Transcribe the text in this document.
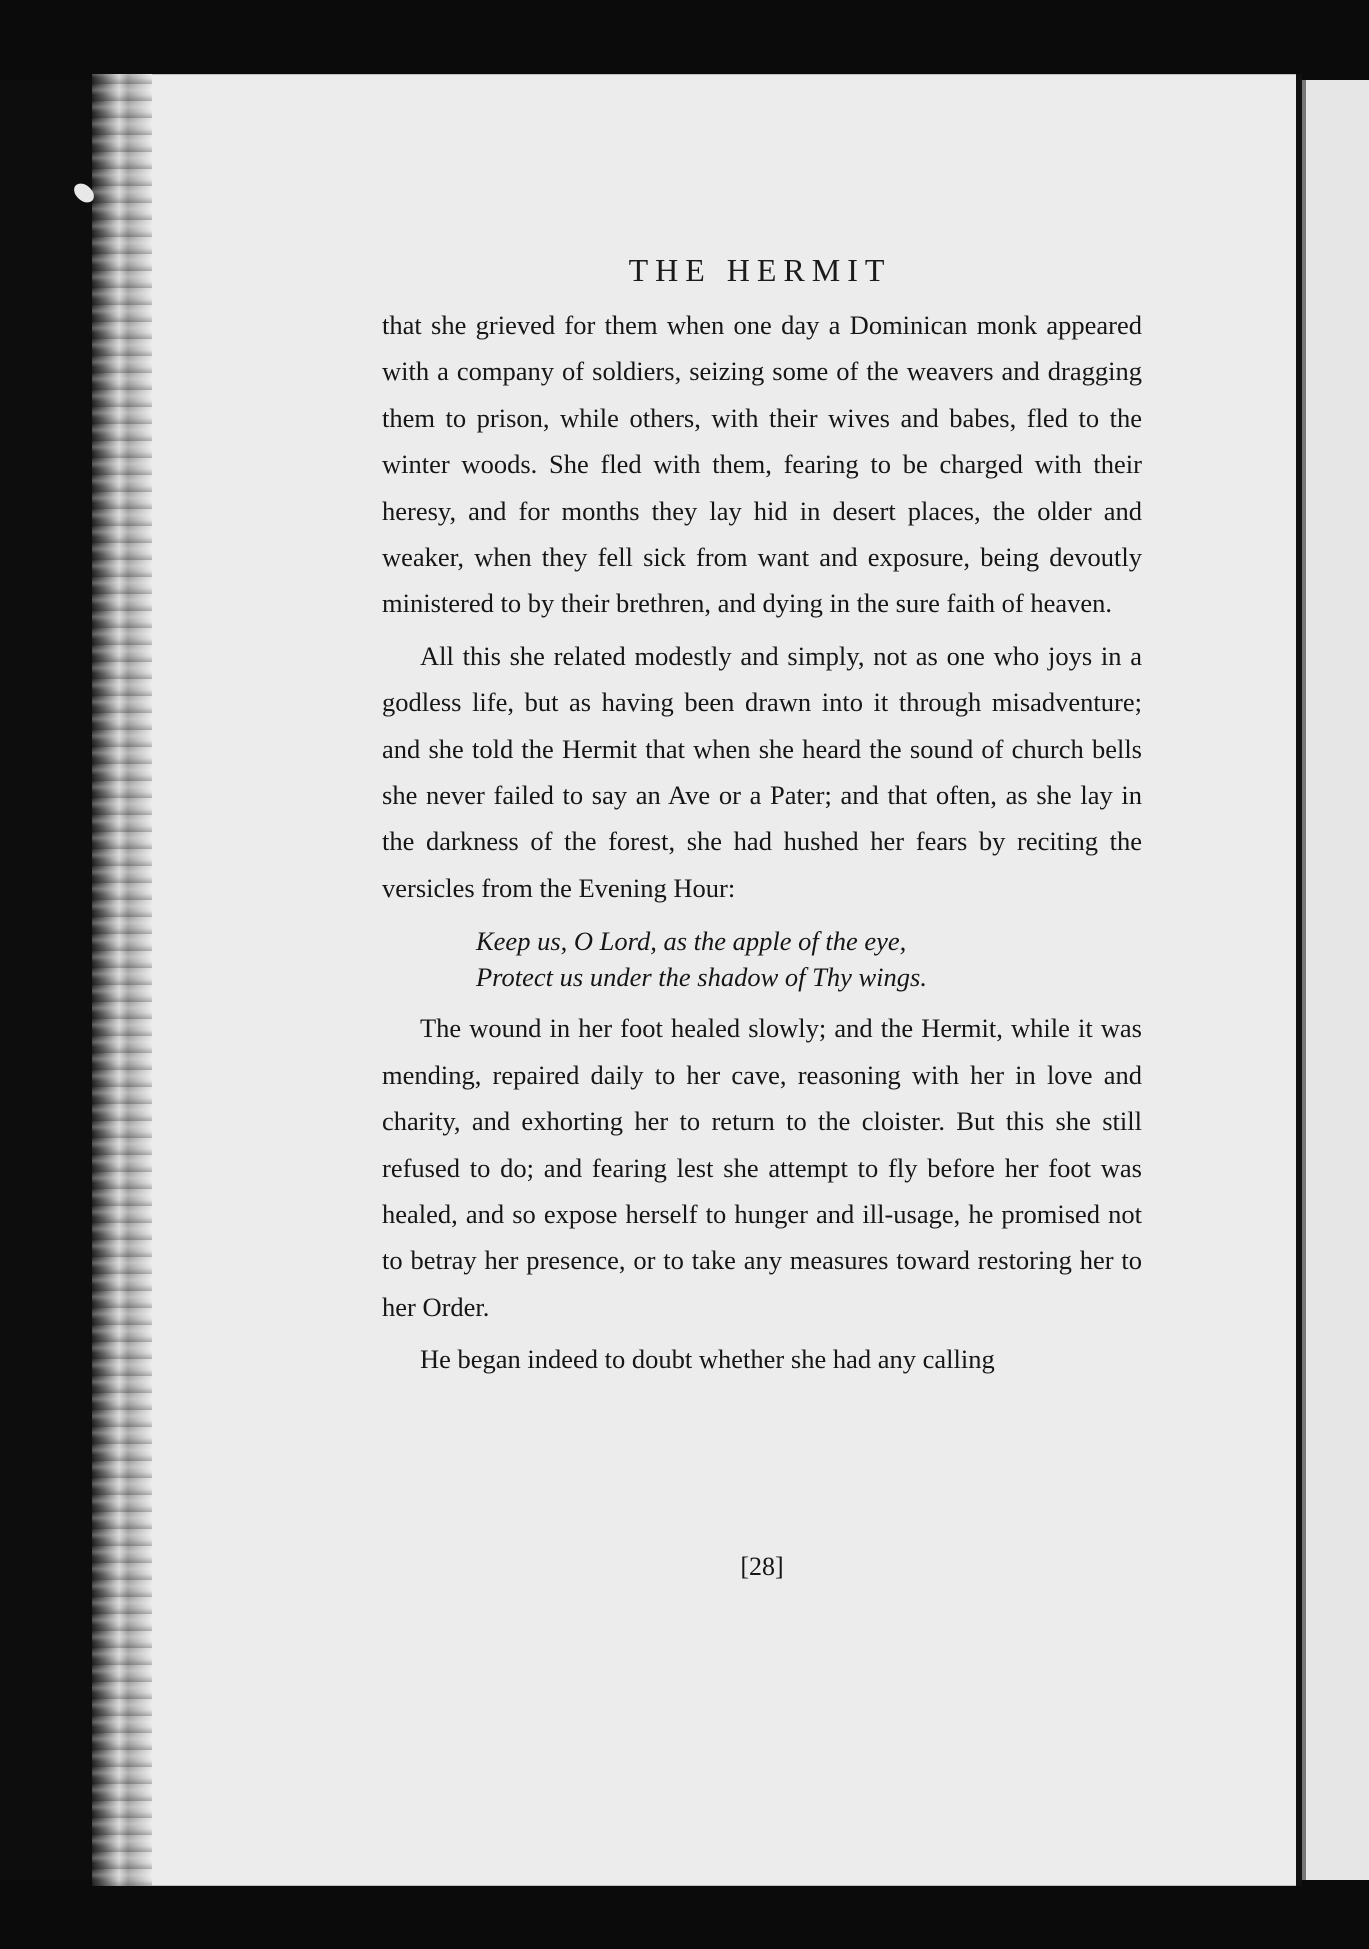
THE HERMIT

that she grieved for them when one day a Dominican monk appeared with a company of soldiers, seizing some of the weavers and dragging them to prison, while others, with their wives and babes, fled to the winter woods. She fled with them, fearing to be charged with their heresy, and for months they lay hid in desert places, the older and weaker, when they fell sick from want and exposure, being devoutly ministered to by their brethren, and dying in the sure faith of heaven.

All this she related modestly and simply, not as one who joys in a godless life, but as having been drawn into it through misadventure; and she told the Hermit that when she heard the sound of church bells she never failed to say an Ave or a Pater; and that often, as she lay in the darkness of the forest, she had hushed her fears by reciting the versicles from the Evening Hour:

Keep us, O Lord, as the apple of the eye,
Protect us under the shadow of Thy wings.

The wound in her foot healed slowly; and the Hermit, while it was mending, repaired daily to her cave, reasoning with her in love and charity, and exhorting her to return to the cloister. But this she still refused to do; and fearing lest she attempt to fly before her foot was healed, and so expose herself to hunger and ill-usage, he promised not to betray her presence, or to take any measures toward restoring her to her Order.

He began indeed to doubt whether she had any calling

[28]
